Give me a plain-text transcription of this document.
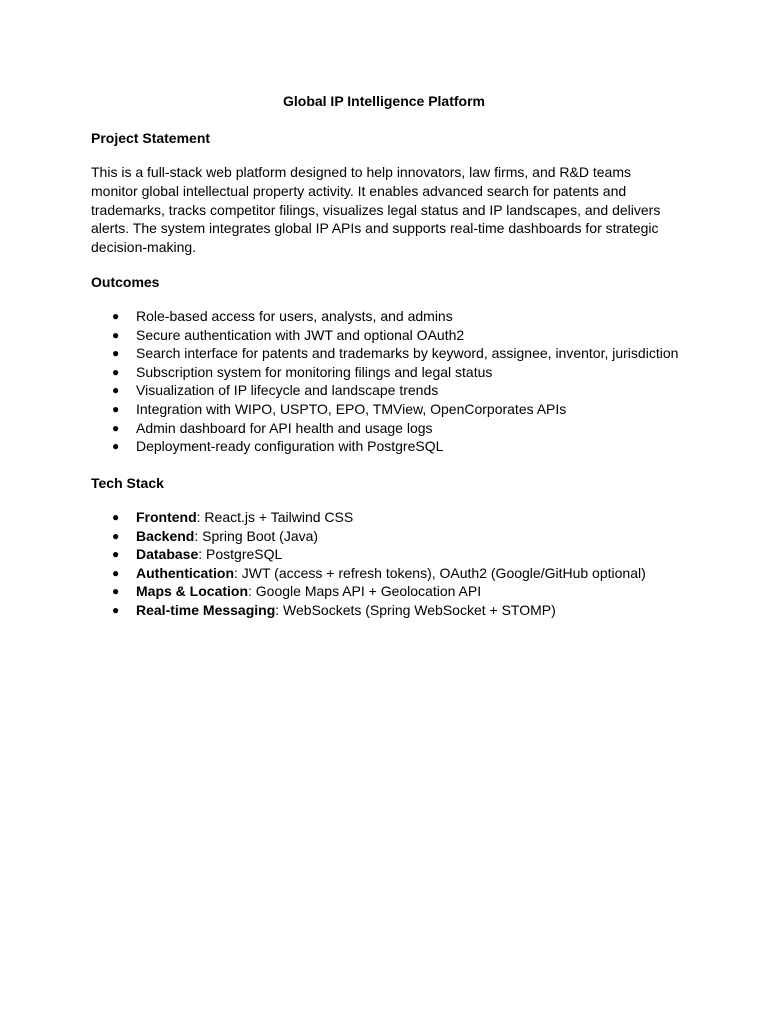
Global IP Intelligence Platform
Project Statement

This is a full-stack web platform designed to help innovators, law firms, and R&D teams
monitor global intellectual property activity. It enables advanced search for patents and
trademarks, tracks competitor filings, visualizes legal status and IP landscapes, and delivers
alerts. The system integrates global IP APIs and supports real-time dashboards for strategic
decision-making.

Outcomes
● Role-based access for users, analysts, and admins
● Secure authentication with JWT and optional OAuth2
● Search interface for patents and trademarks by keyword, assignee, inventor, jurisdiction
● Subscription system for monitoring filings and legal status
● Visualization of IP lifecycle and landscape trends
● Integration with WIPO, USPTO, EPO, TMView, OpenCorporates APIs
● Admin dashboard for API health and usage logs
● Deployment-ready configuration with PostgreSQL
Tech Stack
● Frontend: React.js + Tailwind CSS
● Backend: Spring Boot (Java)
● Database: PostgreSQL
● Authentication: JWT (access + refresh tokens), OAuth2 (Google/GitHub optional)
● Maps & Location: Google Maps API + Geolocation API
● Real-time Messaging: WebSockets (Spring WebSocket + STOMP)
